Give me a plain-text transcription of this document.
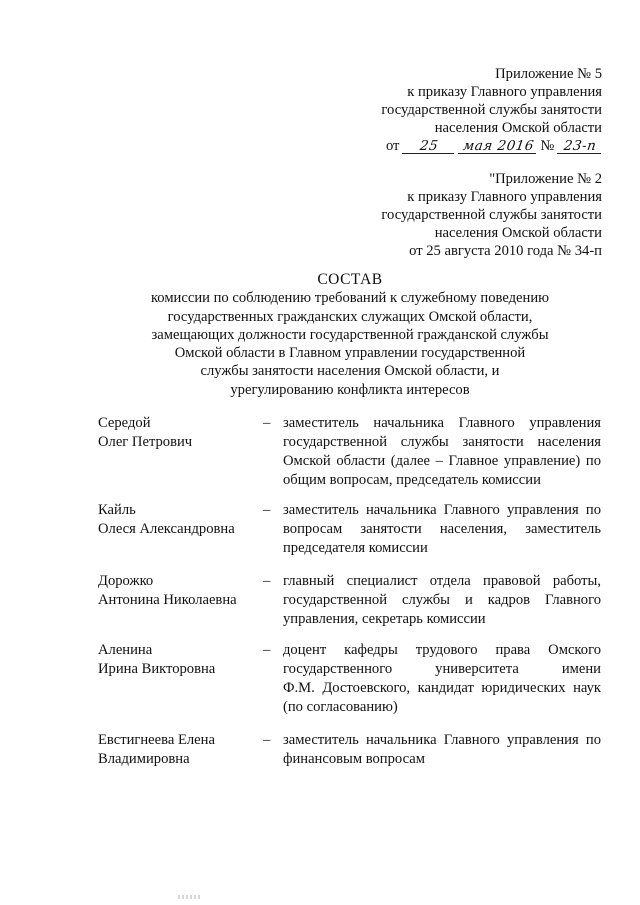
Приложение № 5
к приказу Главного управления
государственной службы занятости
населения Омской области
от 25 мая 2016 № 23-п
"Приложение № 2
к приказу Главного управления
государственной службы занятости
населения Омской области
от 25 августа 2010 года № 34-п
СОСТАВ
комиссии по соблюдению требований к служебному поведению
государственных гражданских служащих Омской области,
замещающих должности государственной гражданской службы
Омской области в Главном управлении государственной
службы занятости населения Омской области, и
урегулированию конфликта интересов
Середой
Олег Петрович
– заместитель начальника Главного управления
государственной службы занятости населения
Омской области (далее – Главное управление) по
общим вопросам, председатель комиссии
Кайль
Олеся Александровна
– заместитель начальника Главного управления по
вопросам занятости населения, заместитель
председателя комиссии
Дорожко
Антонина Николаевна
– главный специалист отдела правовой работы,
государственной службы и кадров Главного
управления, секретарь комиссии
Аленина
Ирина Викторовна
– доцент кафедры трудового права Омского
государственного университета имени
Ф.М. Достоевского, кандидат юридических наук
(по согласованию)
Евстигнеева Елена
Владимировна
– заместитель начальника Главного управления по
финансовым вопросам
